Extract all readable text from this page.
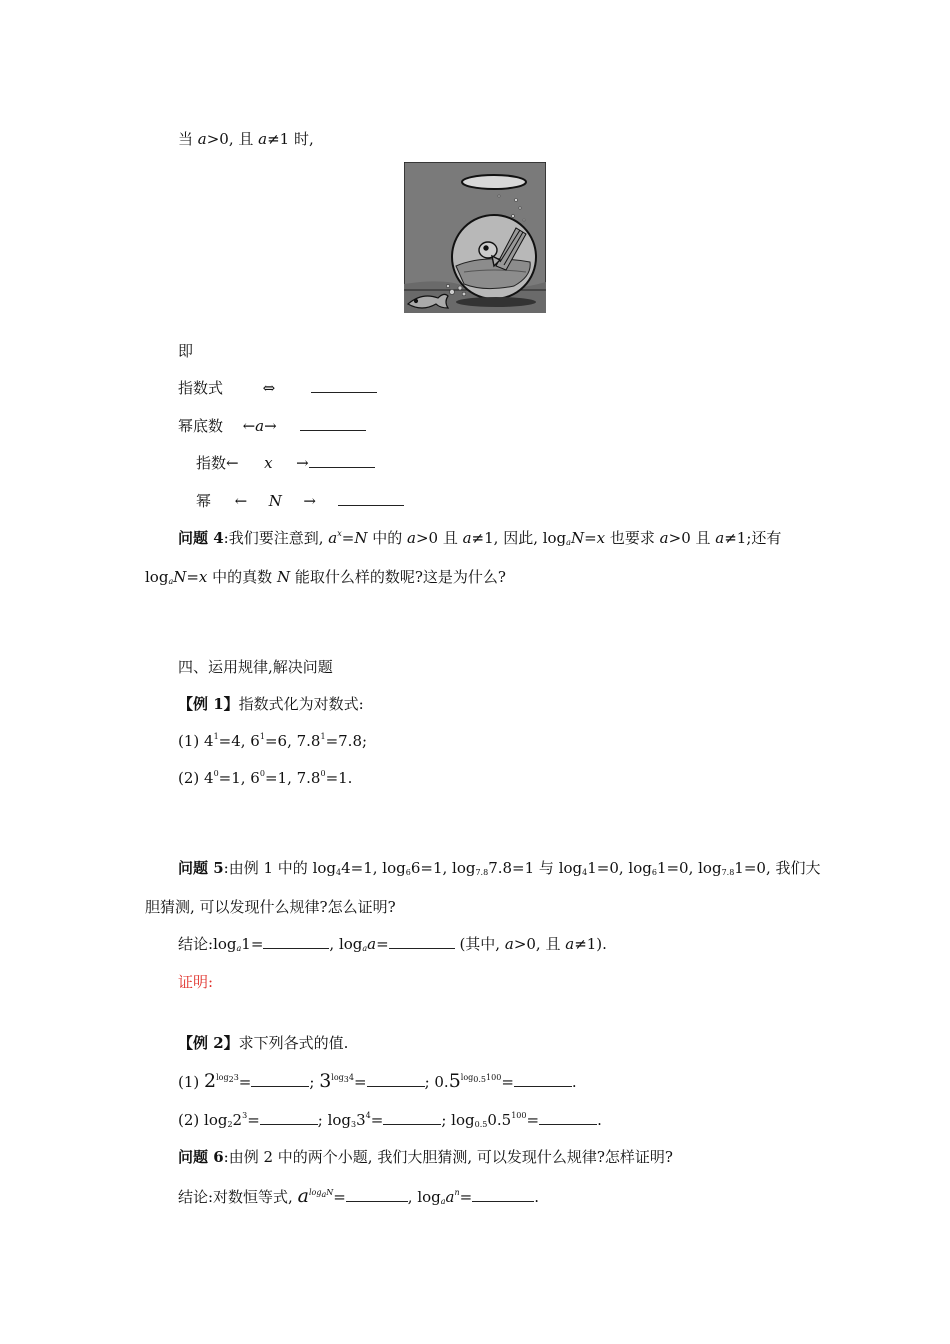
当 a>0, 且 a≠1 时,
即
指数式	⇔
幂底数 ←a→
指数← x →
幂 ← N →
问题 4:我们要注意到, $a^x=N$ 中的 a>0 且 a≠1, 因此, $\log_aN=x$ 也要求 a>0 且 a≠1;还有
$\log_aN=x$ 中的真数 N 能取什么样的数呢?这是为什么?
四、运用规律,解决问题
【例 1】指数式化为对数式:
(1) $4^1=4$, $6^1=6$, $7.8^1=7.8$;
(2) $4^0=1$, $6^0=1$, $7.8^0=1$.
问题 5:由例 1 中的 $\log_44=1$, $\log_66=1$, $\log_{7.8}7.8=1$ 与 $\log_41=0$, $\log_61=0$, $\log_{7.8}1=0$, 我们大
胆猜测, 可以发现什么规律?怎么证明?
结论$:\log_a1=$	, $\log_aa=$	(其中, a>0, 且 a≠1).
证明:
【例 2】求下列各式的值.
(1) $2^{log_23}=$	; $3^{log_34}=$	; $0.5^{log_{0.5}100}=$	.
(2) $\log_22^3=$	; $\log_33^4=$	; $\log_{0.5}0.5^{100}=$	.
问题 6:由例 2 中的两个小题, 我们大胆猜测, 可以发现什么规律?怎样证明?
结论:对数恒等式, $a^{log_aN}=$	, $\log_aa^n=$	.
